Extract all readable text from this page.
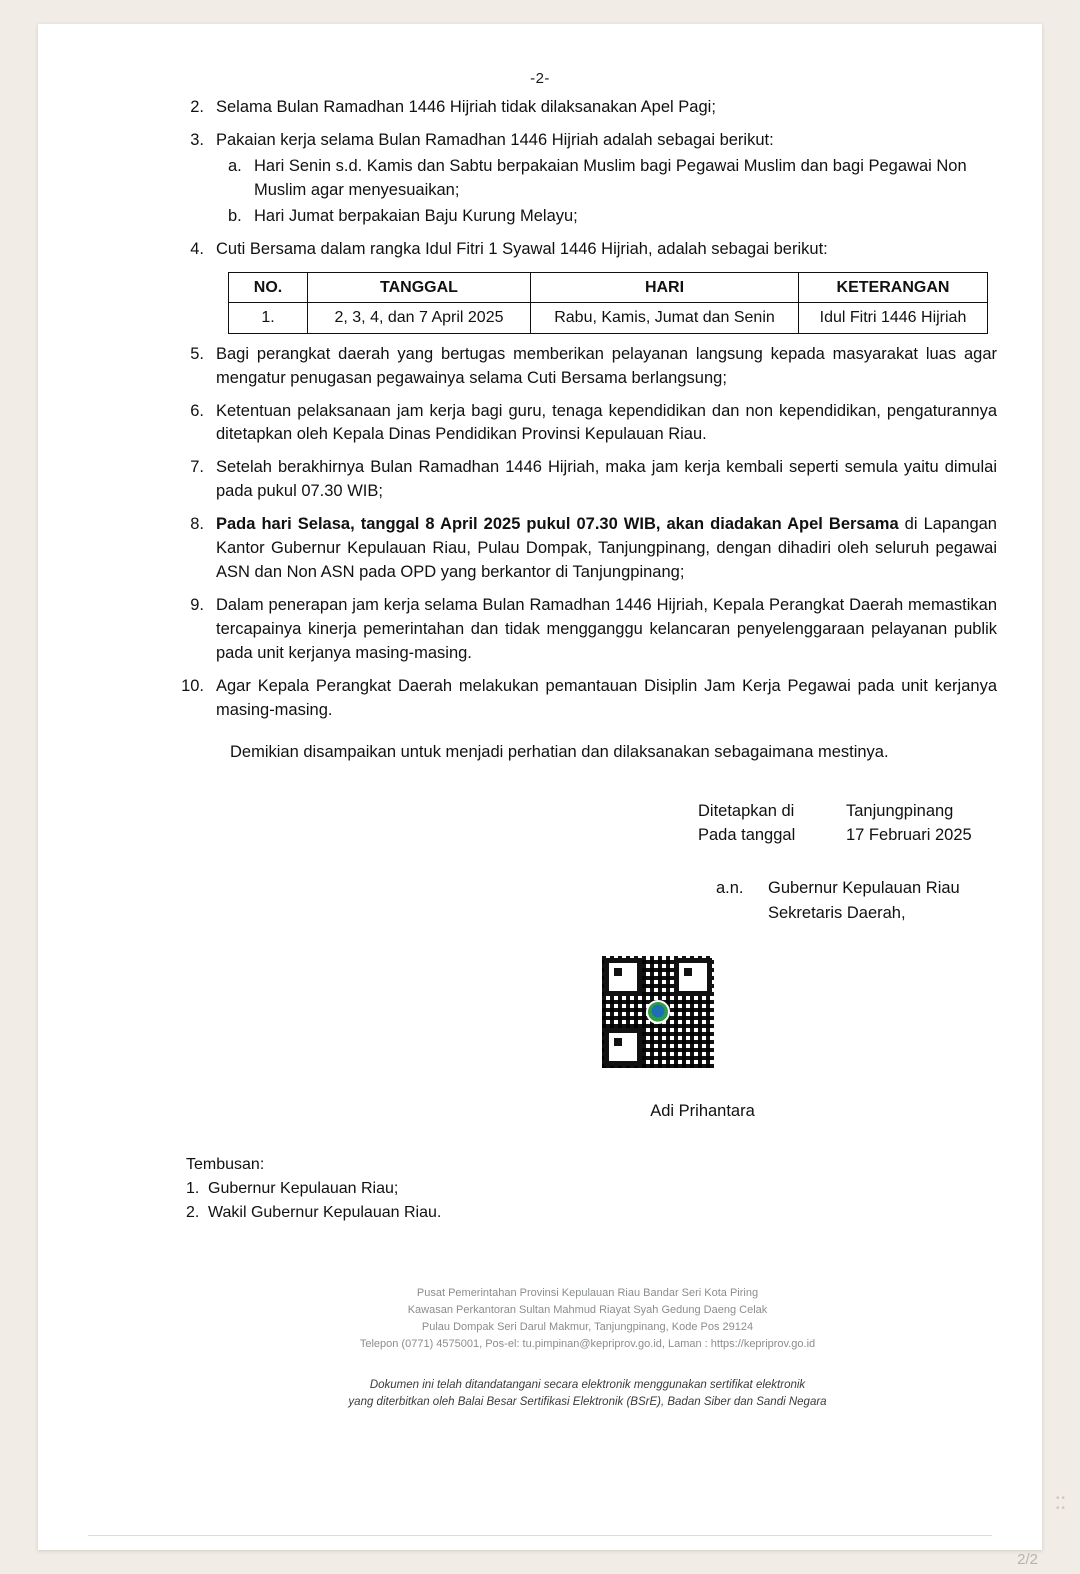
-2-
2. Selama Bulan Ramadhan 1446 Hijriah tidak dilaksanakan Apel Pagi;
3. Pakaian kerja selama Bulan Ramadhan 1446 Hijriah adalah sebagai berikut:
a. Hari Senin s.d. Kamis dan Sabtu berpakaian Muslim bagi Pegawai Muslim dan bagi Pegawai Non Muslim agar menyesuaikan;
b. Hari Jumat berpakaian Baju Kurung Melayu;
4. Cuti Bersama dalam rangka Idul Fitri 1 Syawal 1446 Hijriah, adalah sebagai berikut:
NO.	TANGGAL	HARI	KETERANGAN
1.	2, 3, 4, dan 7 April 2025	Rabu, Kamis, Jumat dan Senin	Idul Fitri 1446 Hijriah
5. Bagi perangkat daerah yang bertugas memberikan pelayanan langsung kepada masyarakat luas agar mengatur penugasan pegawainya selama Cuti Bersama berlangsung;
6. Ketentuan pelaksanaan jam kerja bagi guru, tenaga kependidikan dan non kependidikan, pengaturannya ditetapkan oleh Kepala Dinas Pendidikan Provinsi Kepulauan Riau.
7. Setelah berakhirnya Bulan Ramadhan 1446 Hijriah, maka jam kerja kembali seperti semula yaitu dimulai pada pukul 07.30 WIB;
8. Pada hari Selasa, tanggal 8 April 2025 pukul 07.30 WIB, akan diadakan Apel Bersama di Lapangan Kantor Gubernur Kepulauan Riau, Pulau Dompak, Tanjungpinang, dengan dihadiri oleh seluruh pegawai ASN dan Non ASN pada OPD yang berkantor di Tanjungpinang;
9. Dalam penerapan jam kerja selama Bulan Ramadhan 1446 Hijriah, Kepala Perangkat Daerah memastikan tercapainya kinerja pemerintahan dan tidak mengganggu kelancaran penyelenggaraan pelayanan publik pada unit kerjanya masing-masing.
10. Agar Kepala Perangkat Daerah melakukan pemantauan Disiplin Jam Kerja Pegawai pada unit kerjanya masing-masing.
Demikian disampaikan untuk menjadi perhatian dan dilaksanakan sebagaimana mestinya.
Ditetapkan di	Tanjungpinang
Pada tanggal	17 Februari 2025
a.n.	Gubernur Kepulauan Riau
Sekretaris Daerah,
Adi Prihantara
Tembusan:
1. Gubernur Kepulauan Riau;
2. Wakil Gubernur Kepulauan Riau.
Pusat Pemerintahan Provinsi Kepulauan Riau Bandar Seri Kota Piring
Kawasan Perkantoran Sultan Mahmud Riayat Syah Gedung Daeng Celak
Pulau Dompak Seri Darul Makmur, Tanjungpinang, Kode Pos 29124
Telepon (0771) 4575001, Pos-el: tu.pimpinan@kepriprov.go.id, Laman : https://kepriprov.go.id
Dokumen ini telah ditandatangani secara elektronik menggunakan sertifikat elektronik
yang diterbitkan oleh Balai Besar Sertifikasi Elektronik (BSrE), Badan Siber dan Sandi Negara
2/2
••
••
